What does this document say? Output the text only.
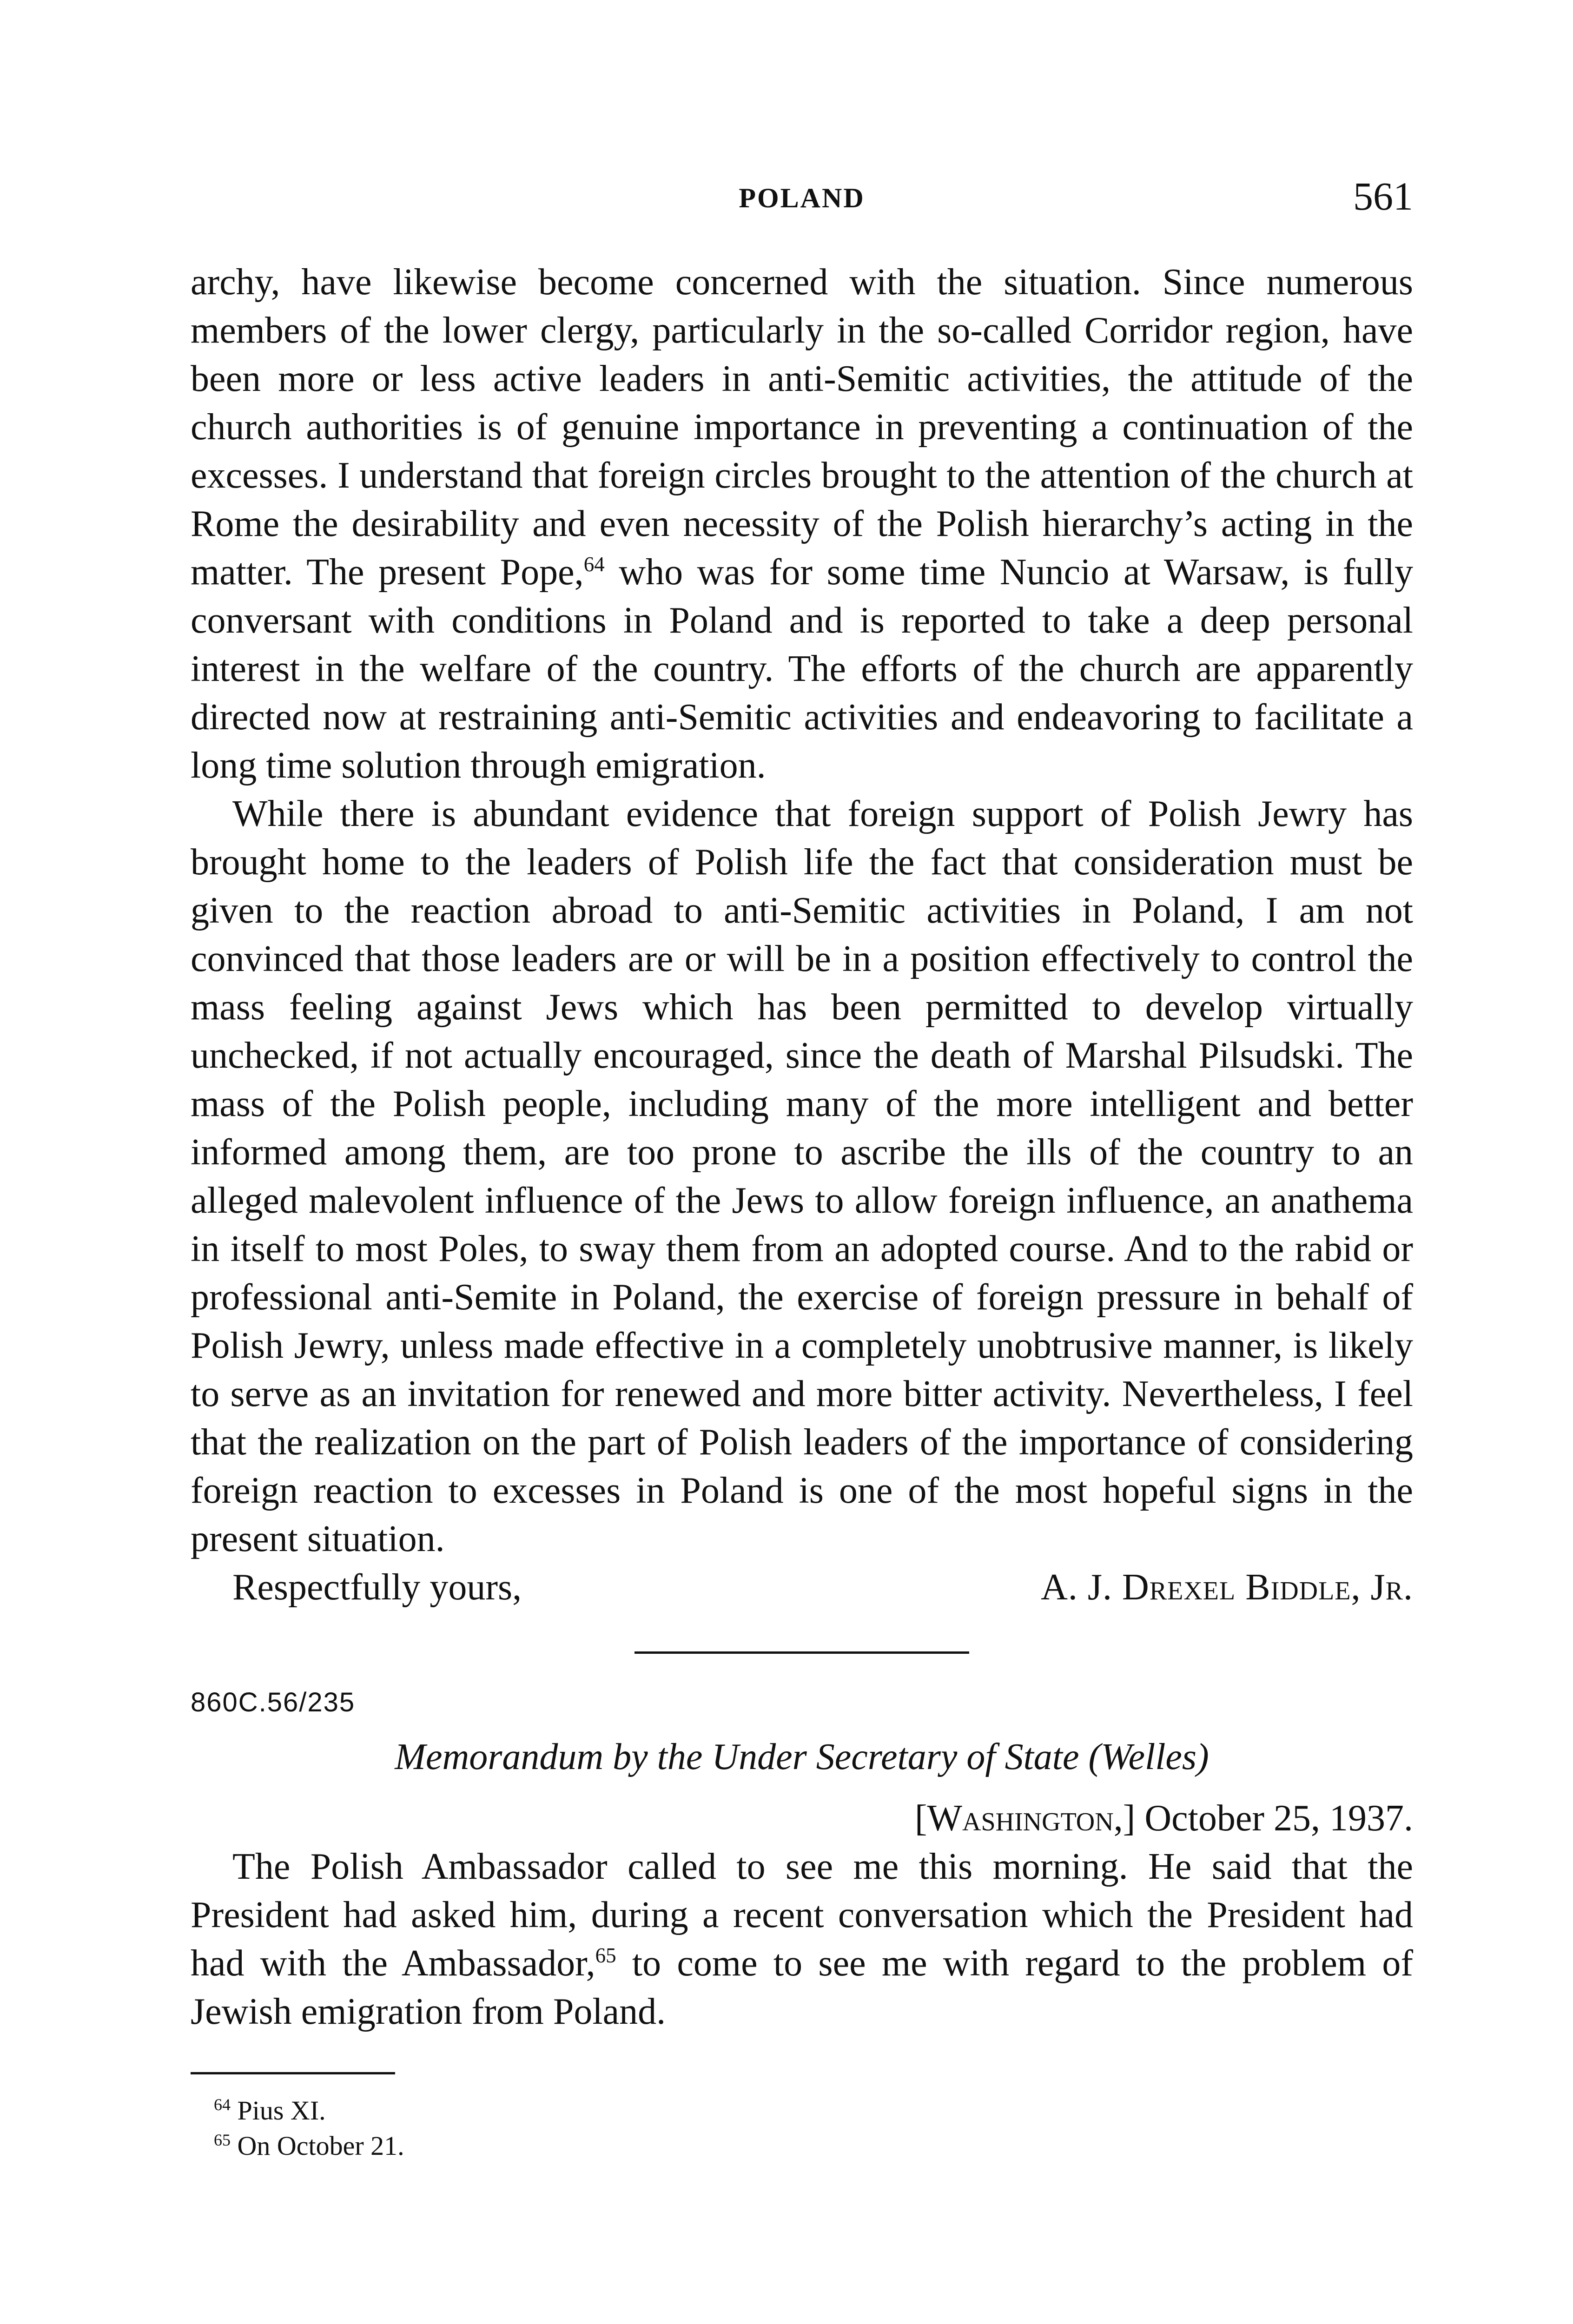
POLAND	561

archy, have likewise become concerned with the situation. Since numerous members of the lower clergy, particularly in the so-called Corridor region, have been more or less active leaders in anti-Semitic activities, the attitude of the church authorities is of genuine importance in preventing a continuation of the excesses. I understand that foreign circles brought to the attention of the church at Rome the desirability and even necessity of the Polish hierarchy’s acting in the matter. The present Pope,$^{64}$ who was for some time Nuncio at Warsaw, is fully conversant with conditions in Poland and is reported to take a deep personal interest in the welfare of the country. The efforts of the church are apparently directed now at restraining anti-Semitic activities and endeavoring to facilitate a long time solution through emigration.

While there is abundant evidence that foreign support of Polish Jewry has brought home to the leaders of Polish life the fact that consideration must be given to the reaction abroad to anti-Semitic activities in Poland, I am not convinced that those leaders are or will be in a position effectively to control the mass feeling against Jews which has been permitted to develop virtually unchecked, if not actually encouraged, since the death of Marshal Pilsudski. The mass of the Polish people, including many of the more intelligent and better informed among them, are too prone to ascribe the ills of the country to an alleged malevolent influence of the Jews to allow foreign influence, an anathema in itself to most Poles, to sway them from an adopted course. And to the rabid or professional anti-Semite in Poland, the exercise of foreign pressure in behalf of Polish Jewry, unless made effective in a completely unobtrusive manner, is likely to serve as an invitation for renewed and more bitter activity. Nevertheless, I feel that the realization on the part of Polish leaders of the importance of considering foreign reaction to excesses in Poland is one of the most hopeful signs in the present situation.

Respectfully yours,	A. J. Drexel Biddle, Jr.
860C.56/235
Memorandum by the Under Secretary of State (Welles)
[Washington,] October 25, 1937.

The Polish Ambassador called to see me this morning. He said that the President had asked him, during a recent conversation which the President had had with the Ambassador,$^{65}$ to come to see me with regard to the problem of Jewish emigration from Poland.

$^{64}$ Pius XI.
$^{65}$ On October 21.
